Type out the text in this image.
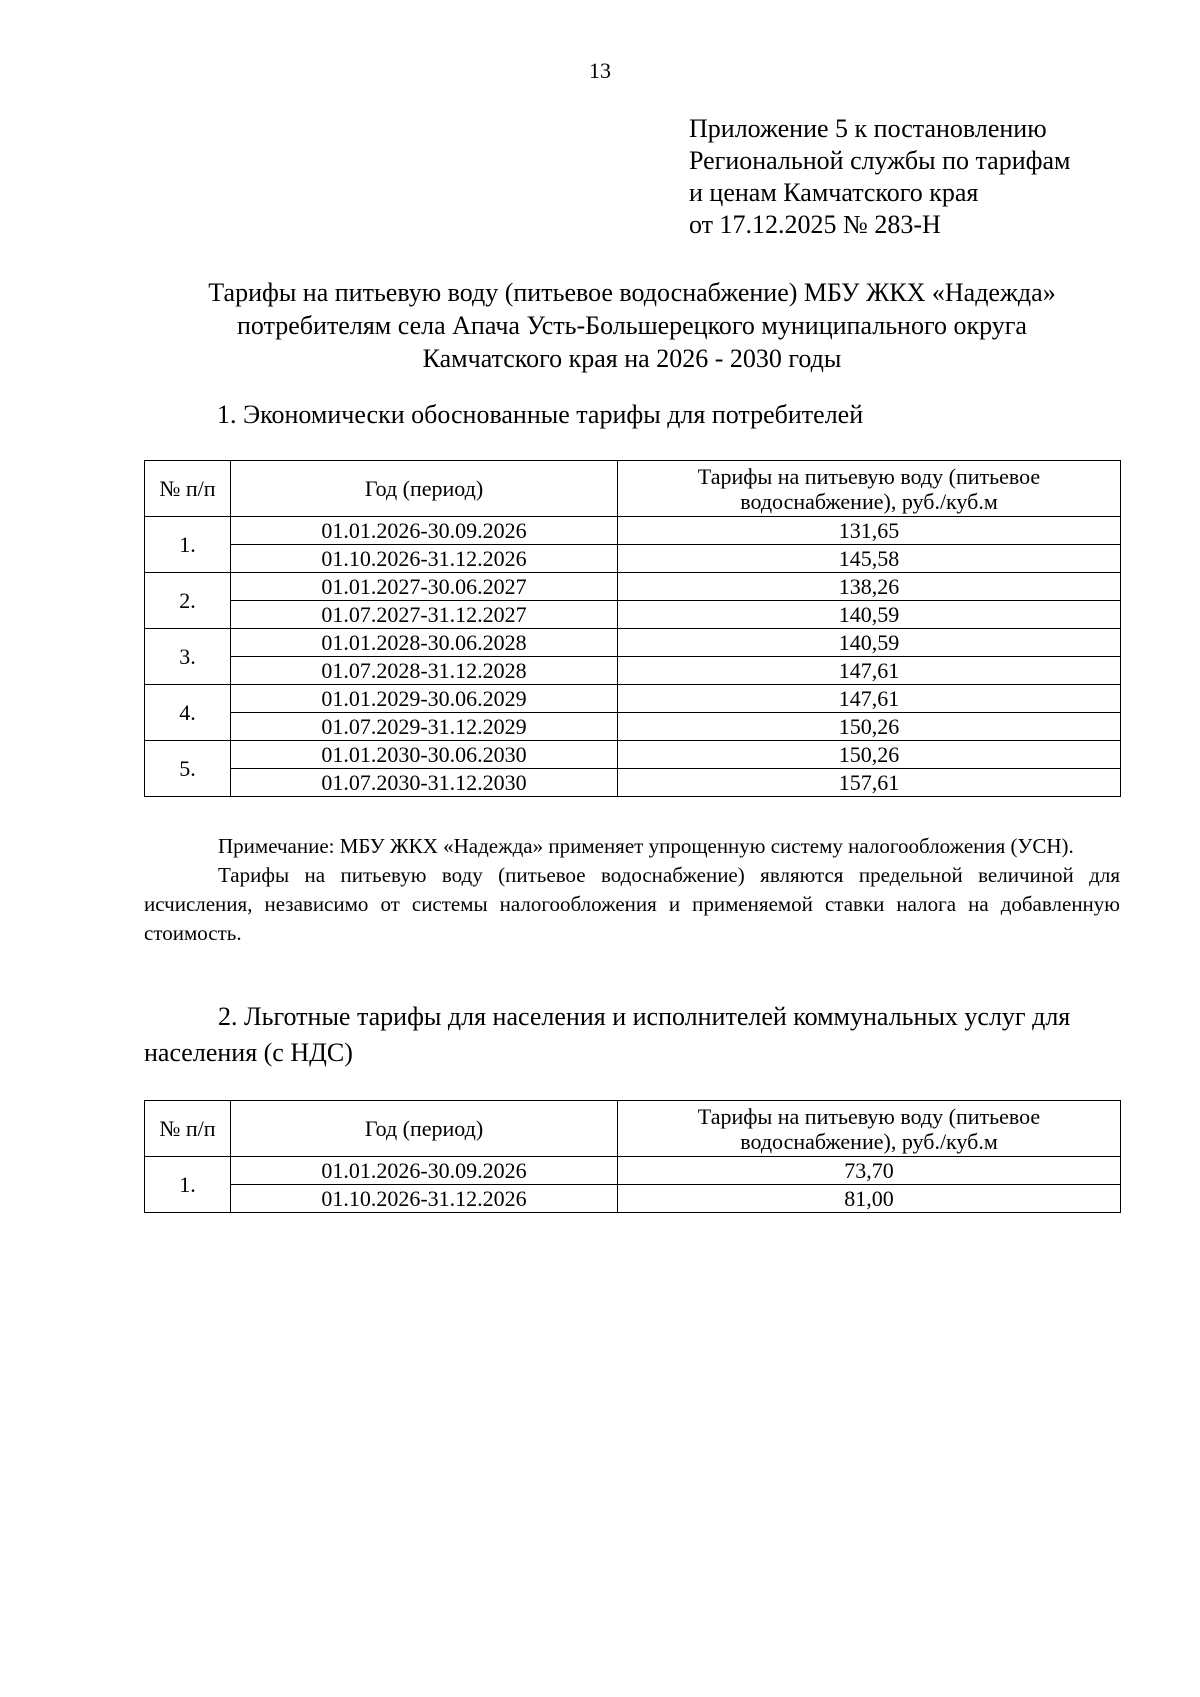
13
Приложение 5 к постановлению
Региональной службы по тарифам
и ценам Камчатского края
от 17.12.2025 № 283-Н
Тарифы на питьевую воду (питьевое водоснабжение) МБУ ЖКХ «Надежда»
потребителям села Апача Усть-Большерецкого муниципального округа
Камчатского края на 2026 - 2030 годы
1. Экономически обоснованные тарифы для потребителей
№ п/п	Год (период)	Тарифы на питьевую воду (питьевое водоснабжение), руб./куб.м
1.	01.01.2026-30.09.2026	131,65
	01.10.2026-31.12.2026	145,58
2.	01.01.2027-30.06.2027	138,26
	01.07.2027-31.12.2027	140,59
3.	01.01.2028-30.06.2028	140,59
	01.07.2028-31.12.2028	147,61
4.	01.01.2029-30.06.2029	147,61
	01.07.2029-31.12.2029	150,26
5.	01.01.2030-30.06.2030	150,26
	01.07.2030-31.12.2030	157,61

Примечание: МБУ ЖКХ «Надежда» применяет упрощенную систему налогообложения (УСН).

Тарифы на питьевую воду (питьевое водоснабжение) являются предельной величиной для исчисления, независимо от системы налогообложения и применяемой ставки налога на добавленную стоимость.

2. Льготные тарифы для населения и исполнителей коммунальных услуг для населения (с НДС)
№ п/п	Год (период)	Тарифы на питьевую воду (питьевое водоснабжение), руб./куб.м
1.	01.01.2026-30.09.2026	73,70
	01.10.2026-31.12.2026	81,00
